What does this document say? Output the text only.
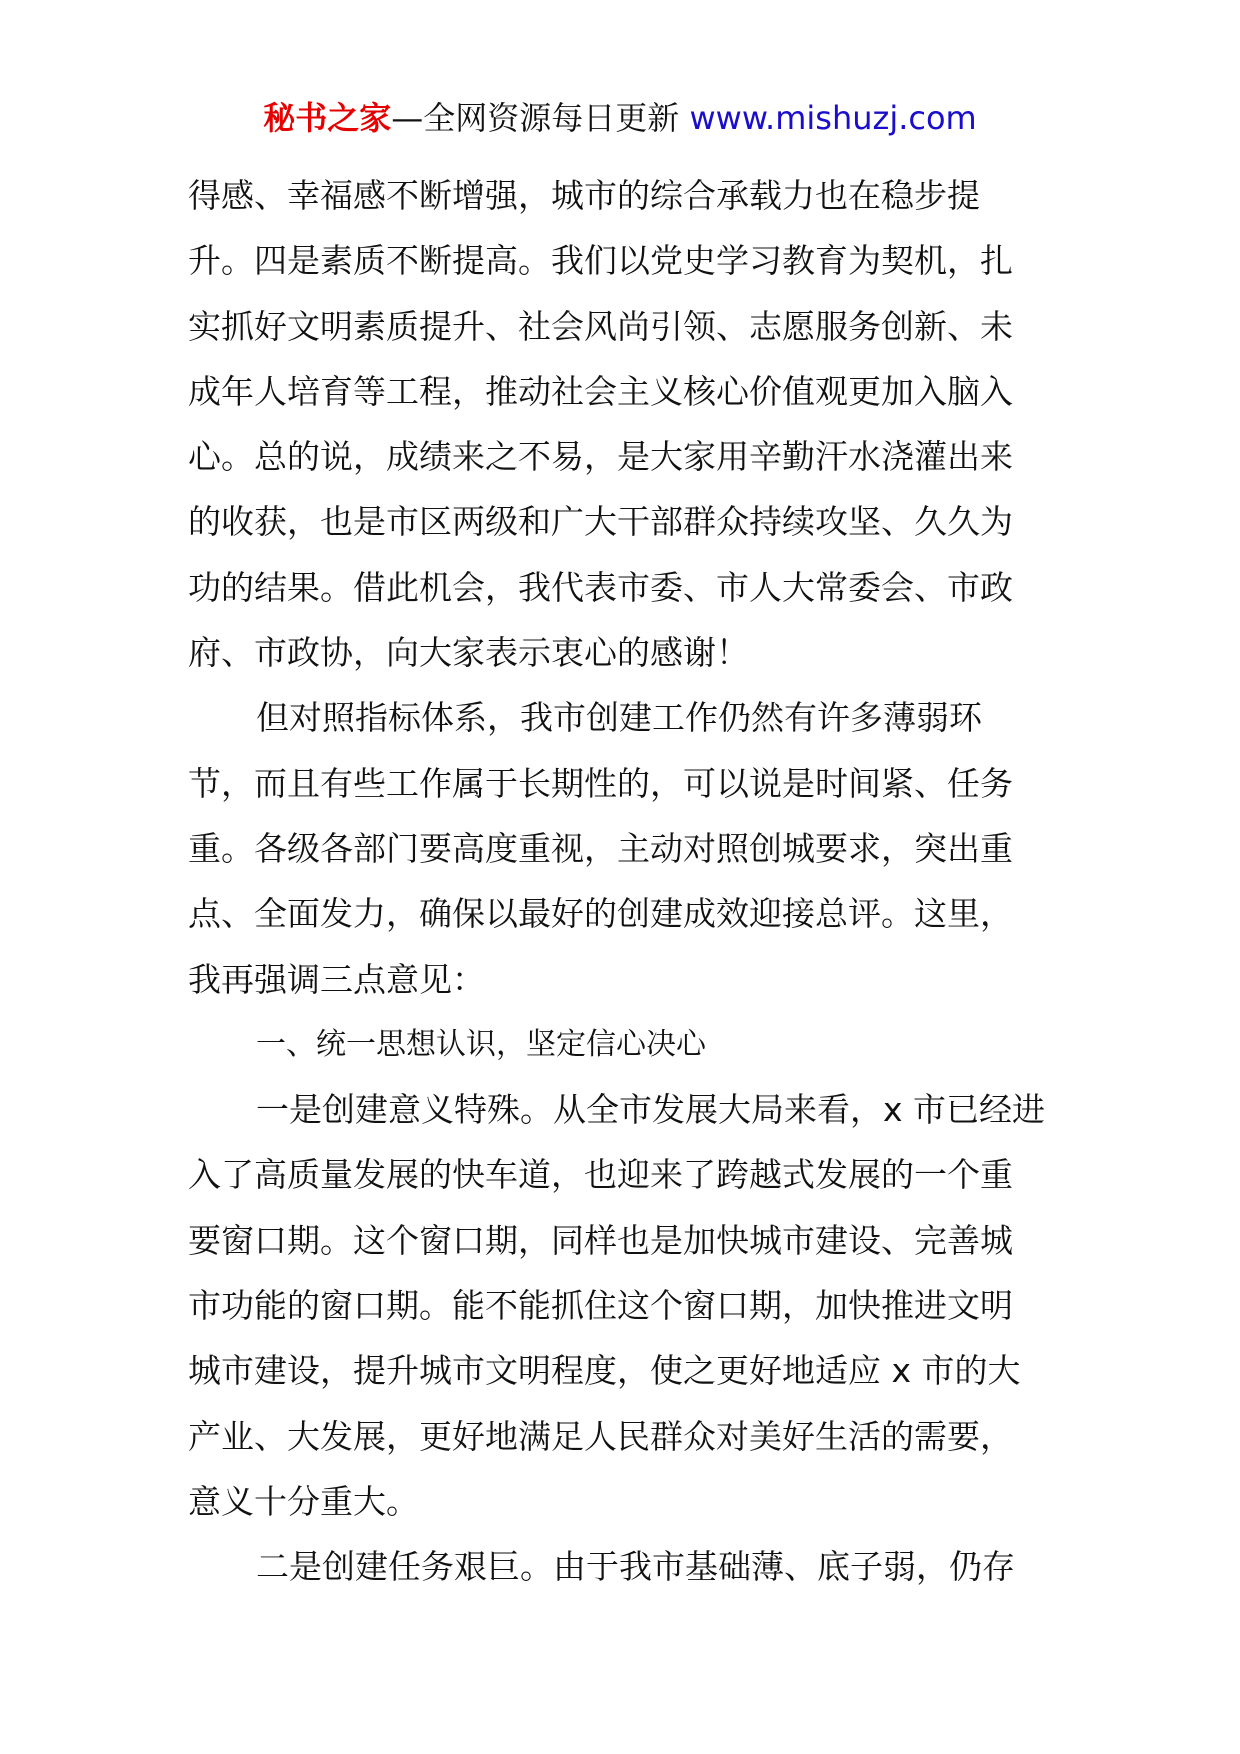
秘书之家—全网资源每日更新 www.mishuzj.com
得感、幸福感不断增强，城市的综合承载力也在稳步提
升。四是素质不断提高。我们以党史学习教育为契机，扎
实抓好文明素质提升、社会风尚引领、志愿服务创新、未
成年人培育等工程，推动社会主义核心价值观更加入脑入
心。总的说，成绩来之不易，是大家用辛勤汗水浇灌出来
的收获，也是市区两级和广大干部群众持续攻坚、久久为
功的结果。借此机会，我代表市委、市人大常委会、市政
府、市政协，向大家表示衷心的感谢！
但对照指标体系，我市创建工作仍然有许多薄弱环
节，而且有些工作属于长期性的，可以说是时间紧、任务
重。各级各部门要高度重视，主动对照创城要求，突出重
点、全面发力，确保以最好的创建成效迎接总评。这里，
我再强调三点意见：
一、统一思想认识，坚定信心决心
一是创建意义特殊。从全市发展大局来看，x 市已经进
入了高质量发展的快车道，也迎来了跨越式发展的一个重
要窗口期。这个窗口期，同样也是加快城市建设、完善城
市功能的窗口期。能不能抓住这个窗口期，加快推进文明
城市建设，提升城市文明程度，使之更好地适应 x 市的大
产业、大发展，更好地满足人民群众对美好生活的需要，
意义十分重大。
二是创建任务艰巨。由于我市基础薄、底子弱，仍存
